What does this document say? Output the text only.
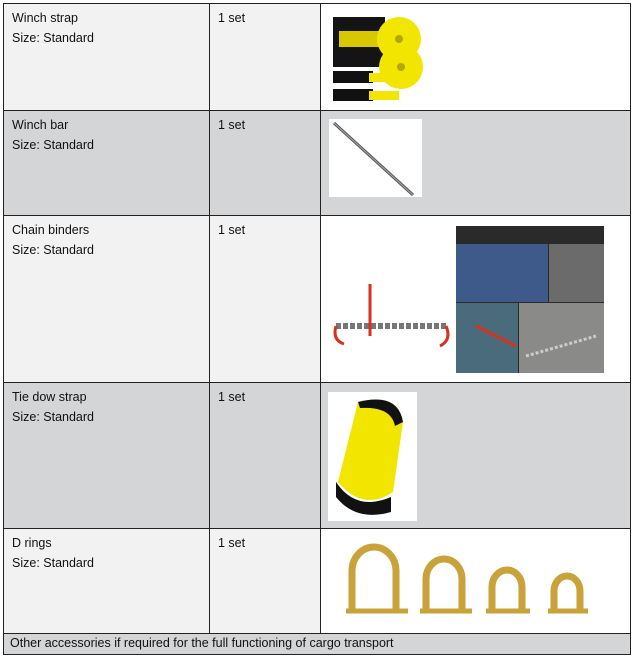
Winch strap
Size: Standard	1 set

Winch bar
Size: Standard	1 set

Chain binders
Size: Standard	1 set

Tie dow strap
Size: Standard	1 set

D rings
Size: Standard	1 set

Other accessories if required for the full functioning of cargo transport		
